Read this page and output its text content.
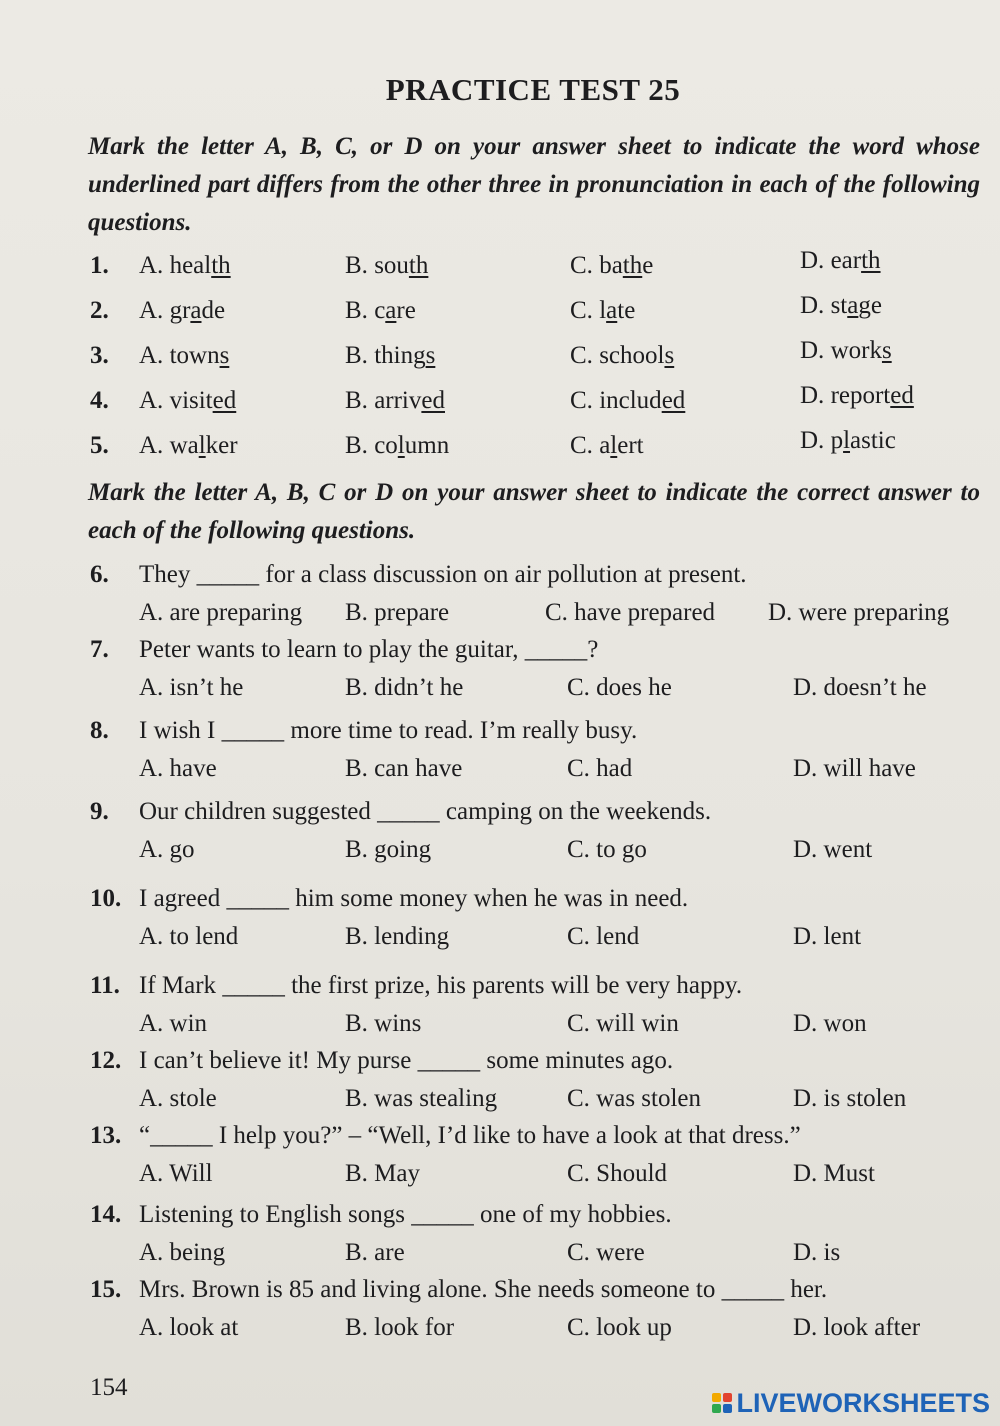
PRACTICE TEST 25
Mark the letter A, B, C, or D on your answer sheet to indicate the word whose underlined part differs from the other three in pronunciation in each of the following questions.
1. A. health	B. south	C. bathe	D. earth
2. A. grade	B. care	C. late	D. stage
3. A. towns	B. things	C. schools	D. works
4. A. visited	B. arrived	C. included	D. reported
5. A. walker	B. column	C. alert	D. plastic
Mark the letter A, B, C or D on your answer sheet to indicate the correct answer to each of the following questions.
6. They _____ for a class discussion on air pollution at present.
A. are preparing B. prepare	C. have prepared D. were preparing
7. Peter wants to learn to play the guitar, _____?
A. isn’t he	B. didn’t he	C. does he	D. doesn’t he
8. I wish I _____ more time to read. I’m really busy.
A. have	B. can have	C. had	D. will have
9. Our children suggested _____ camping on the weekends.
A. go	B. going	C. to go	D. went
10. I agreed _____ him some money when he was in need.
A. to lend	B. lending	C. lend	D. lent
11. If Mark _____ the first prize, his parents will be very happy.
A. win	B. wins	C. will win	D. won
12. I can’t believe it! My purse _____ some minutes ago.
A. stole	B. was stealing	C. was stolen	D. is stolen
13. “_____ I help you?” – “Well, I’d like to have a look at that dress.”
A. Will	B. May	C. Should	D. Must
14. Listening to English songs _____ one of my hobbies.
A. being	B. are	C. were	D. is
15. Mrs. Brown is 85 and living alone. She needs someone to _____ her.
A. look at	B. look for	C. look up	D. look after
154	LIVEWORKSHEETS
